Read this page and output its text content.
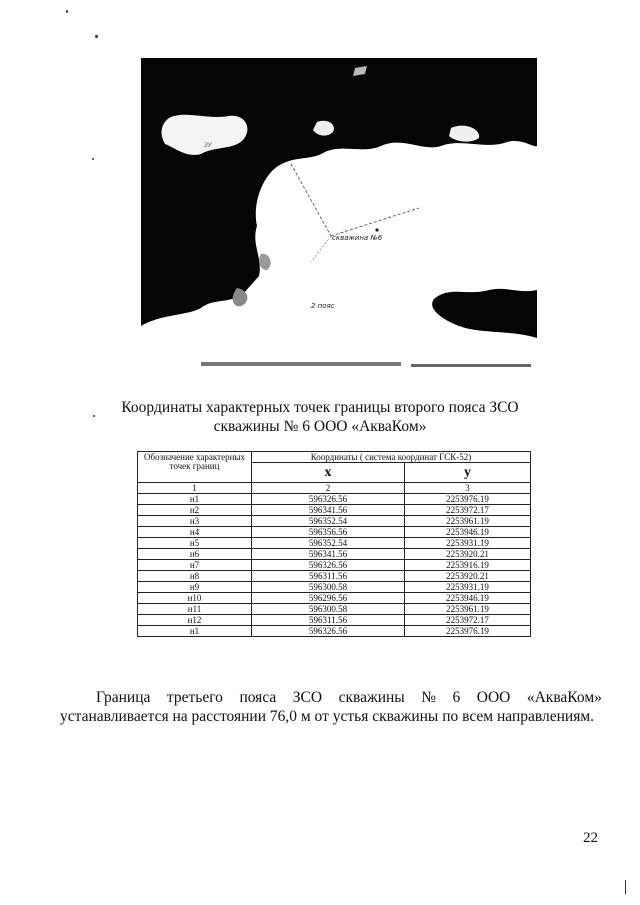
скважина №6
2 пояс
ЗУ
Координаты характерных точек границы второго пояса ЗСО
скважины № 6 ООО «АкваКом»
Обозначение характерных точек границ	Координаты ( система координат ГСК-52)	
	x	y
1	2	3
н1	596326.56	2253976.19
н2	596341.56	2253972.17
н3	596352.54	2253961.19
н4	596356.56	2253946.19
н5	596352.54	2253931.19
н6	596341.56	2253920.21
н7	596326.56	2253916.19
н8	596311.56	2253920.21
н9	596300.58	2253931.19
н10	596296.56	2253946.19
н11	596300.58	2253961.19
н12	596311.56	2253972.17
н1	596326.56	2253976.19
Граница третьего пояса ЗСО скважины № 6 ООО «АкваКом»
устанавливается на расстоянии 76,0 м от устья скважины по всем направлениям.
22
